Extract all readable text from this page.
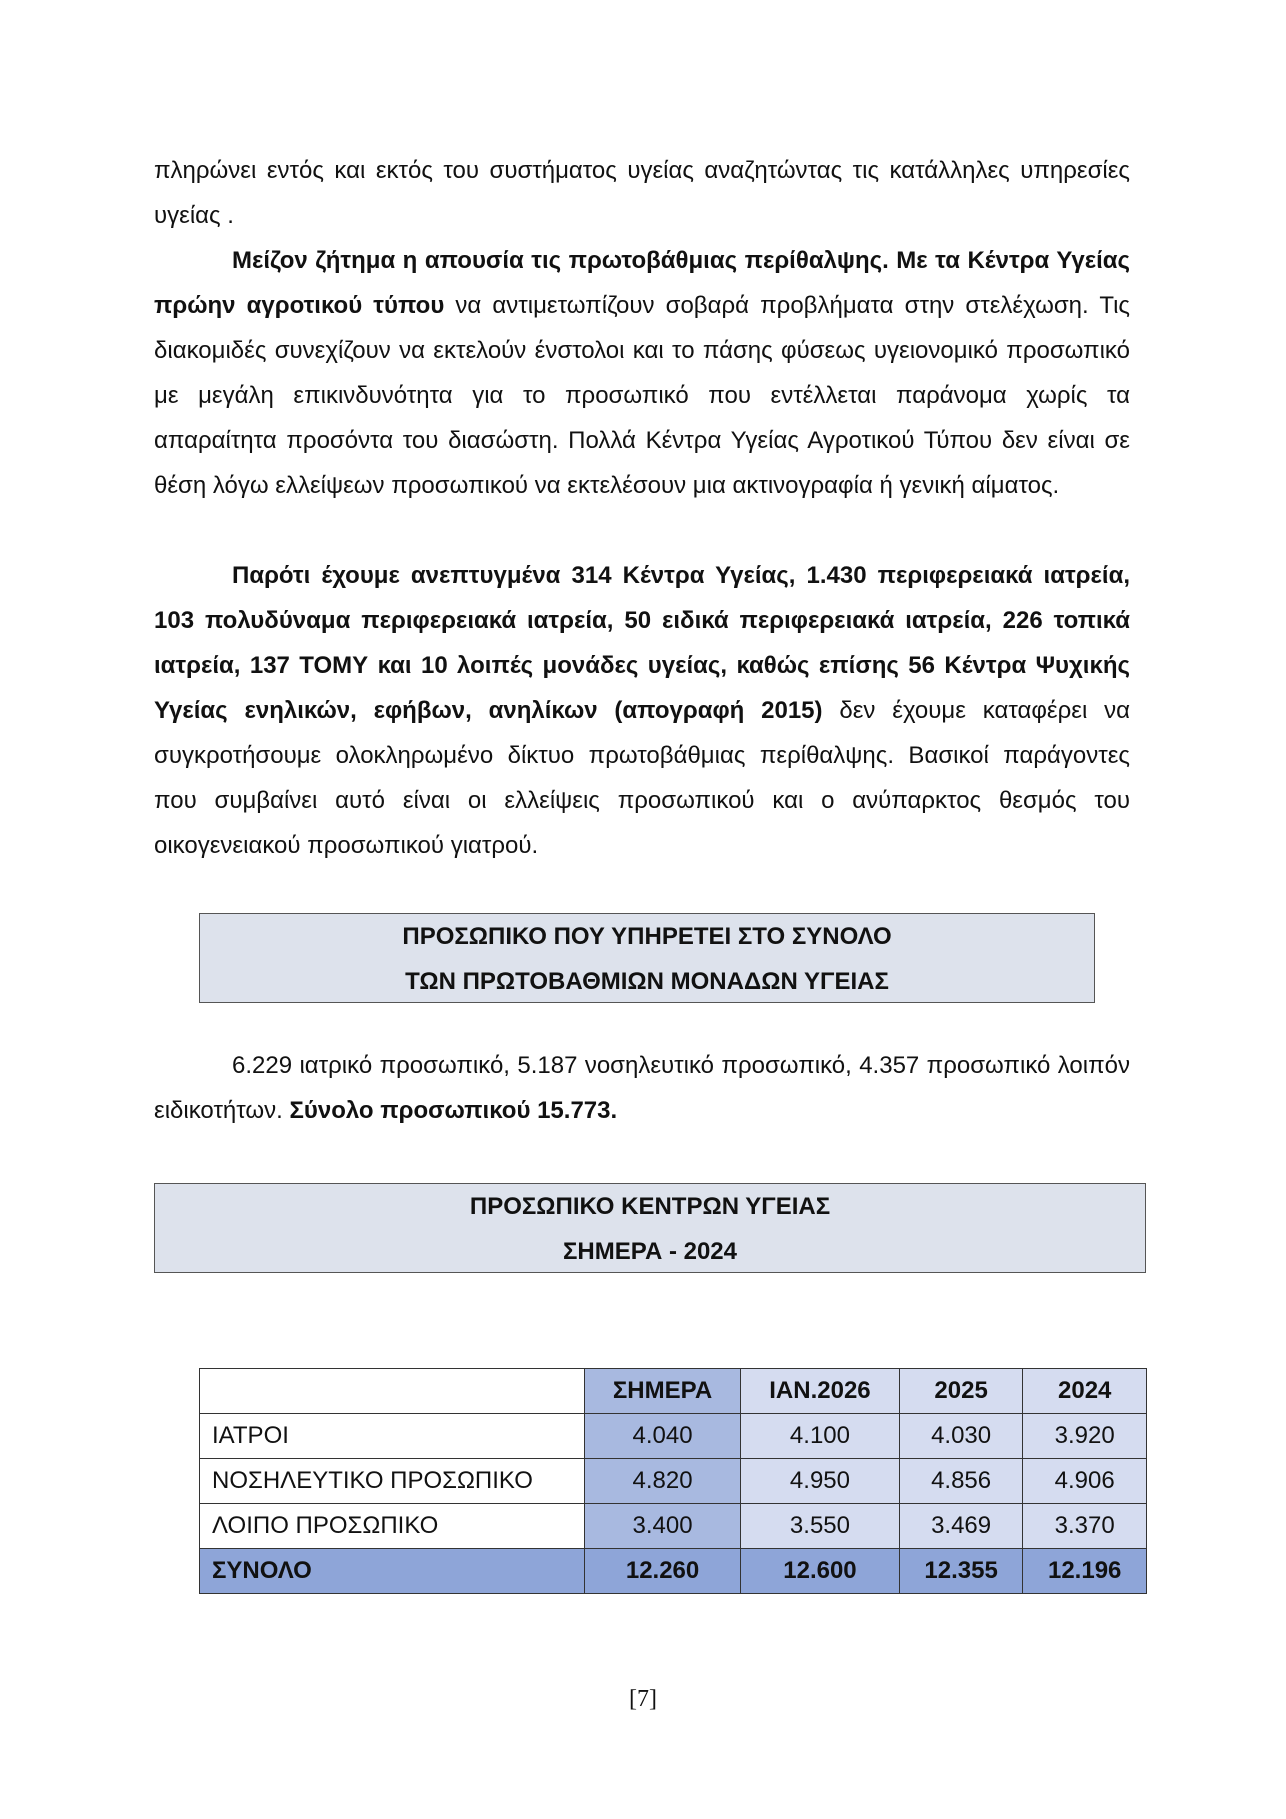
πληρώνει εντός και εκτός του συστήματος υγείας αναζητώντας τις κατάλληλες υπηρεσίες υγείας .

Μείζον ζήτημα η απουσία τις πρωτοβάθμιας περίθαλψης. Με τα Κέντρα Υγείας πρώην αγροτικού τύπου να αντιμετωπίζουν σοβαρά προβλήματα στην στελέχωση. Τις διακομιδές συνεχίζουν να εκτελούν ένστολοι και το πάσης φύσεως υγειονομικό προσωπικό με μεγάλη επικινδυνότητα για το προσωπικό που εντέλλεται παράνομα χωρίς τα απαραίτητα προσόντα του διασώστη. Πολλά Κέντρα Υγείας Αγροτικού Τύπου δεν είναι σε θέση λόγω ελλείψεων προσωπικού να εκτελέσουν μια ακτινογραφία ή γενική αίματος.

Παρότι έχουμε ανεπτυγμένα 314 Κέντρα Υγείας, 1.430 περιφερειακά ιατρεία, 103 πολυδύναμα περιφερειακά ιατρεία, 50 ειδικά περιφερειακά ιατρεία, 226 τοπικά ιατρεία, 137 ΤΟΜΥ και 10 λοιπές μονάδες υγείας, καθώς επίσης 56 Κέντρα Ψυχικής Υγείας ενηλικών, εφήβων, ανηλίκων (απογραφή 2015) δεν έχουμε καταφέρει να συγκροτήσουμε ολοκληρωμένο δίκτυο πρωτοβάθμιας περίθαλψης. Βασικοί παράγοντες που συμβαίνει αυτό είναι οι ελλείψεις προσωπικού και ο ανύπαρκτος θεσμός του οικογενειακού προσωπικού γιατρού.

ΠΡΟΣΩΠΙΚΟ ΠΟΥ ΥΠΗΡΕΤΕΙ ΣΤΟ ΣΥΝΟΛΟ
ΤΩΝ ΠΡΩΤΟΒΑΘΜΙΩΝ ΜΟΝΑΔΩΝ ΥΓΕΙΑΣ

6.229 ιατρικό προσωπικό, 5.187 νοσηλευτικό προσωπικό, 4.357 προσωπικό λοιπόν ειδικοτήτων. Σύνολο προσωπικού 15.773.

ΠΡΟΣΩΠΙΚΟ ΚΕΝΤΡΩΝ ΥΓΕΙΑΣ
ΣΗΜΕΡΑ - 2024
	ΣΗΜΕΡΑ	ΙΑΝ.2026	2025	2024
ΙΑΤΡΟΙ	4.040	4.100	4.030	3.920
ΝΟΣΗΛΕΥΤΙΚΟ ΠΡΟΣΩΠΙΚΟ	4.820	4.950	4.856	4.906
ΛΟΙΠΟ ΠΡΟΣΩΠΙΚΟ	3.400	3.550	3.469	3.370
ΣΥΝΟΛΟ	12.260	12.600	12.355	12.196
[7]
